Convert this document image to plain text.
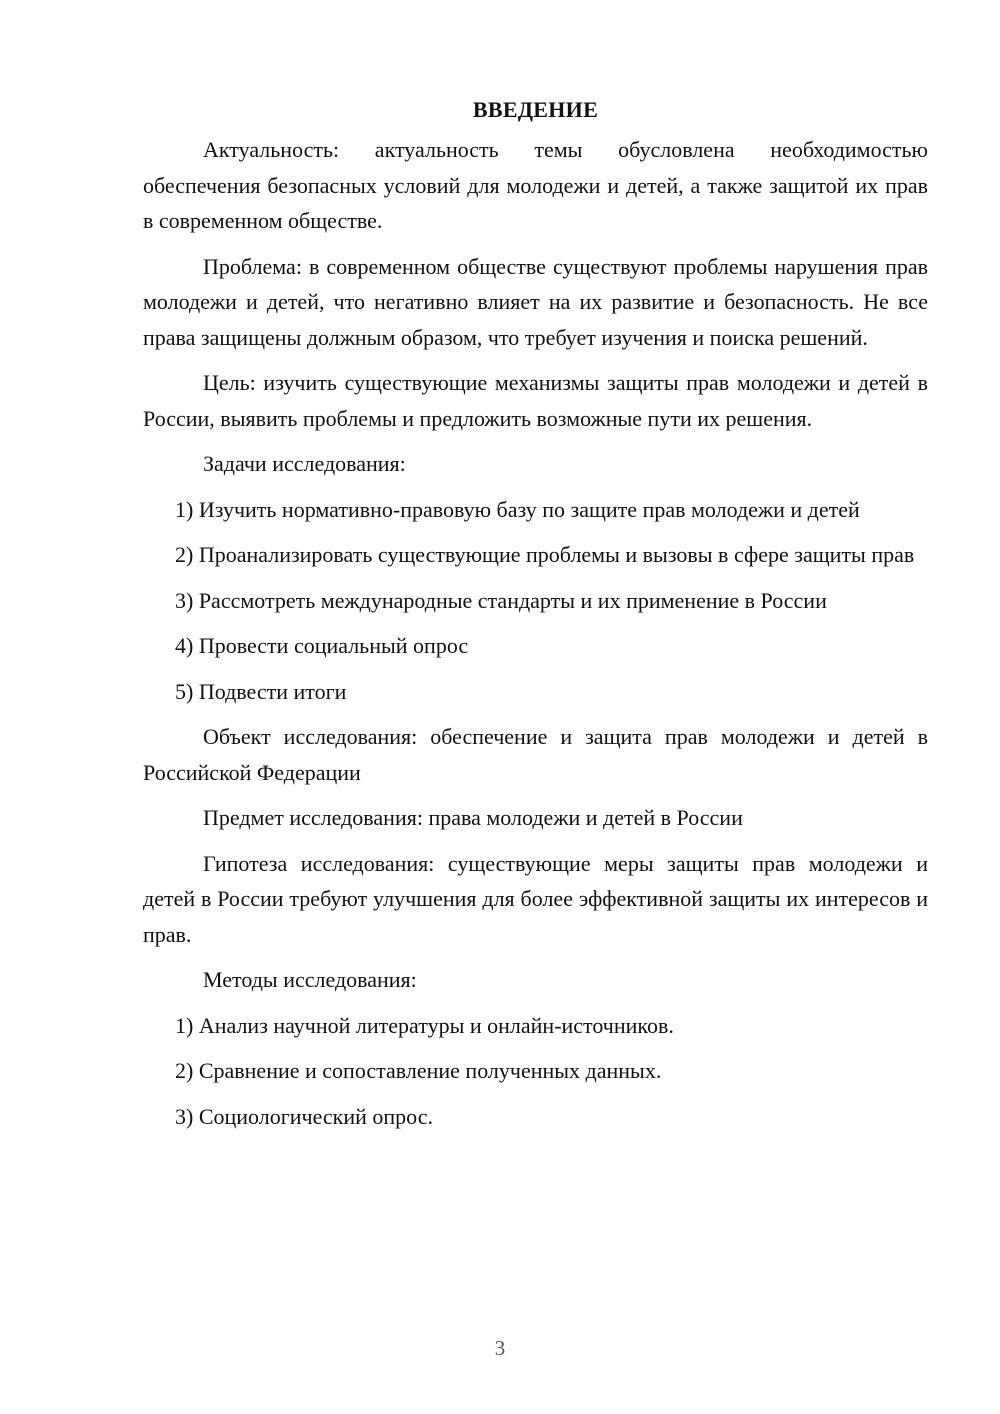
ВВЕДЕНИЕ

Актуальность: актуальность темы обусловлена необходимостью обеспечения безопасных условий для молодежи и детей, а также защитой их прав в современном обществе.

Проблема: в современном обществе существуют проблемы нарушения прав молодежи и детей, что негативно влияет на их развитие и безопасность. Не все права защищены должным образом, что требует изучения и поиска решений.

Цель: изучить существующие механизмы защиты прав молодежи и детей в России, выявить проблемы и предложить возможные пути их решения.

Задачи исследования:

1) Изучить нормативно-правовую базу по защите прав молодежи и детей

2) Проанализировать существующие проблемы и вызовы в сфере защиты прав

3) Рассмотреть международные стандарты и их применение в России

4) Провести социальный опрос

5) Подвести итоги

Объект исследования: обеспечение и защита прав молодежи и детей в Российской Федерации

Предмет исследования: права молодежи и детей в России

Гипотеза исследования: существующие меры защиты прав молодежи и детей в России требуют улучшения для более эффективной защиты их интересов и прав.

Методы исследования:

1) Анализ научной литературы и онлайн-источников.

2) Сравнение и сопоставление полученных данных.

3) Социологический опрос.

3
